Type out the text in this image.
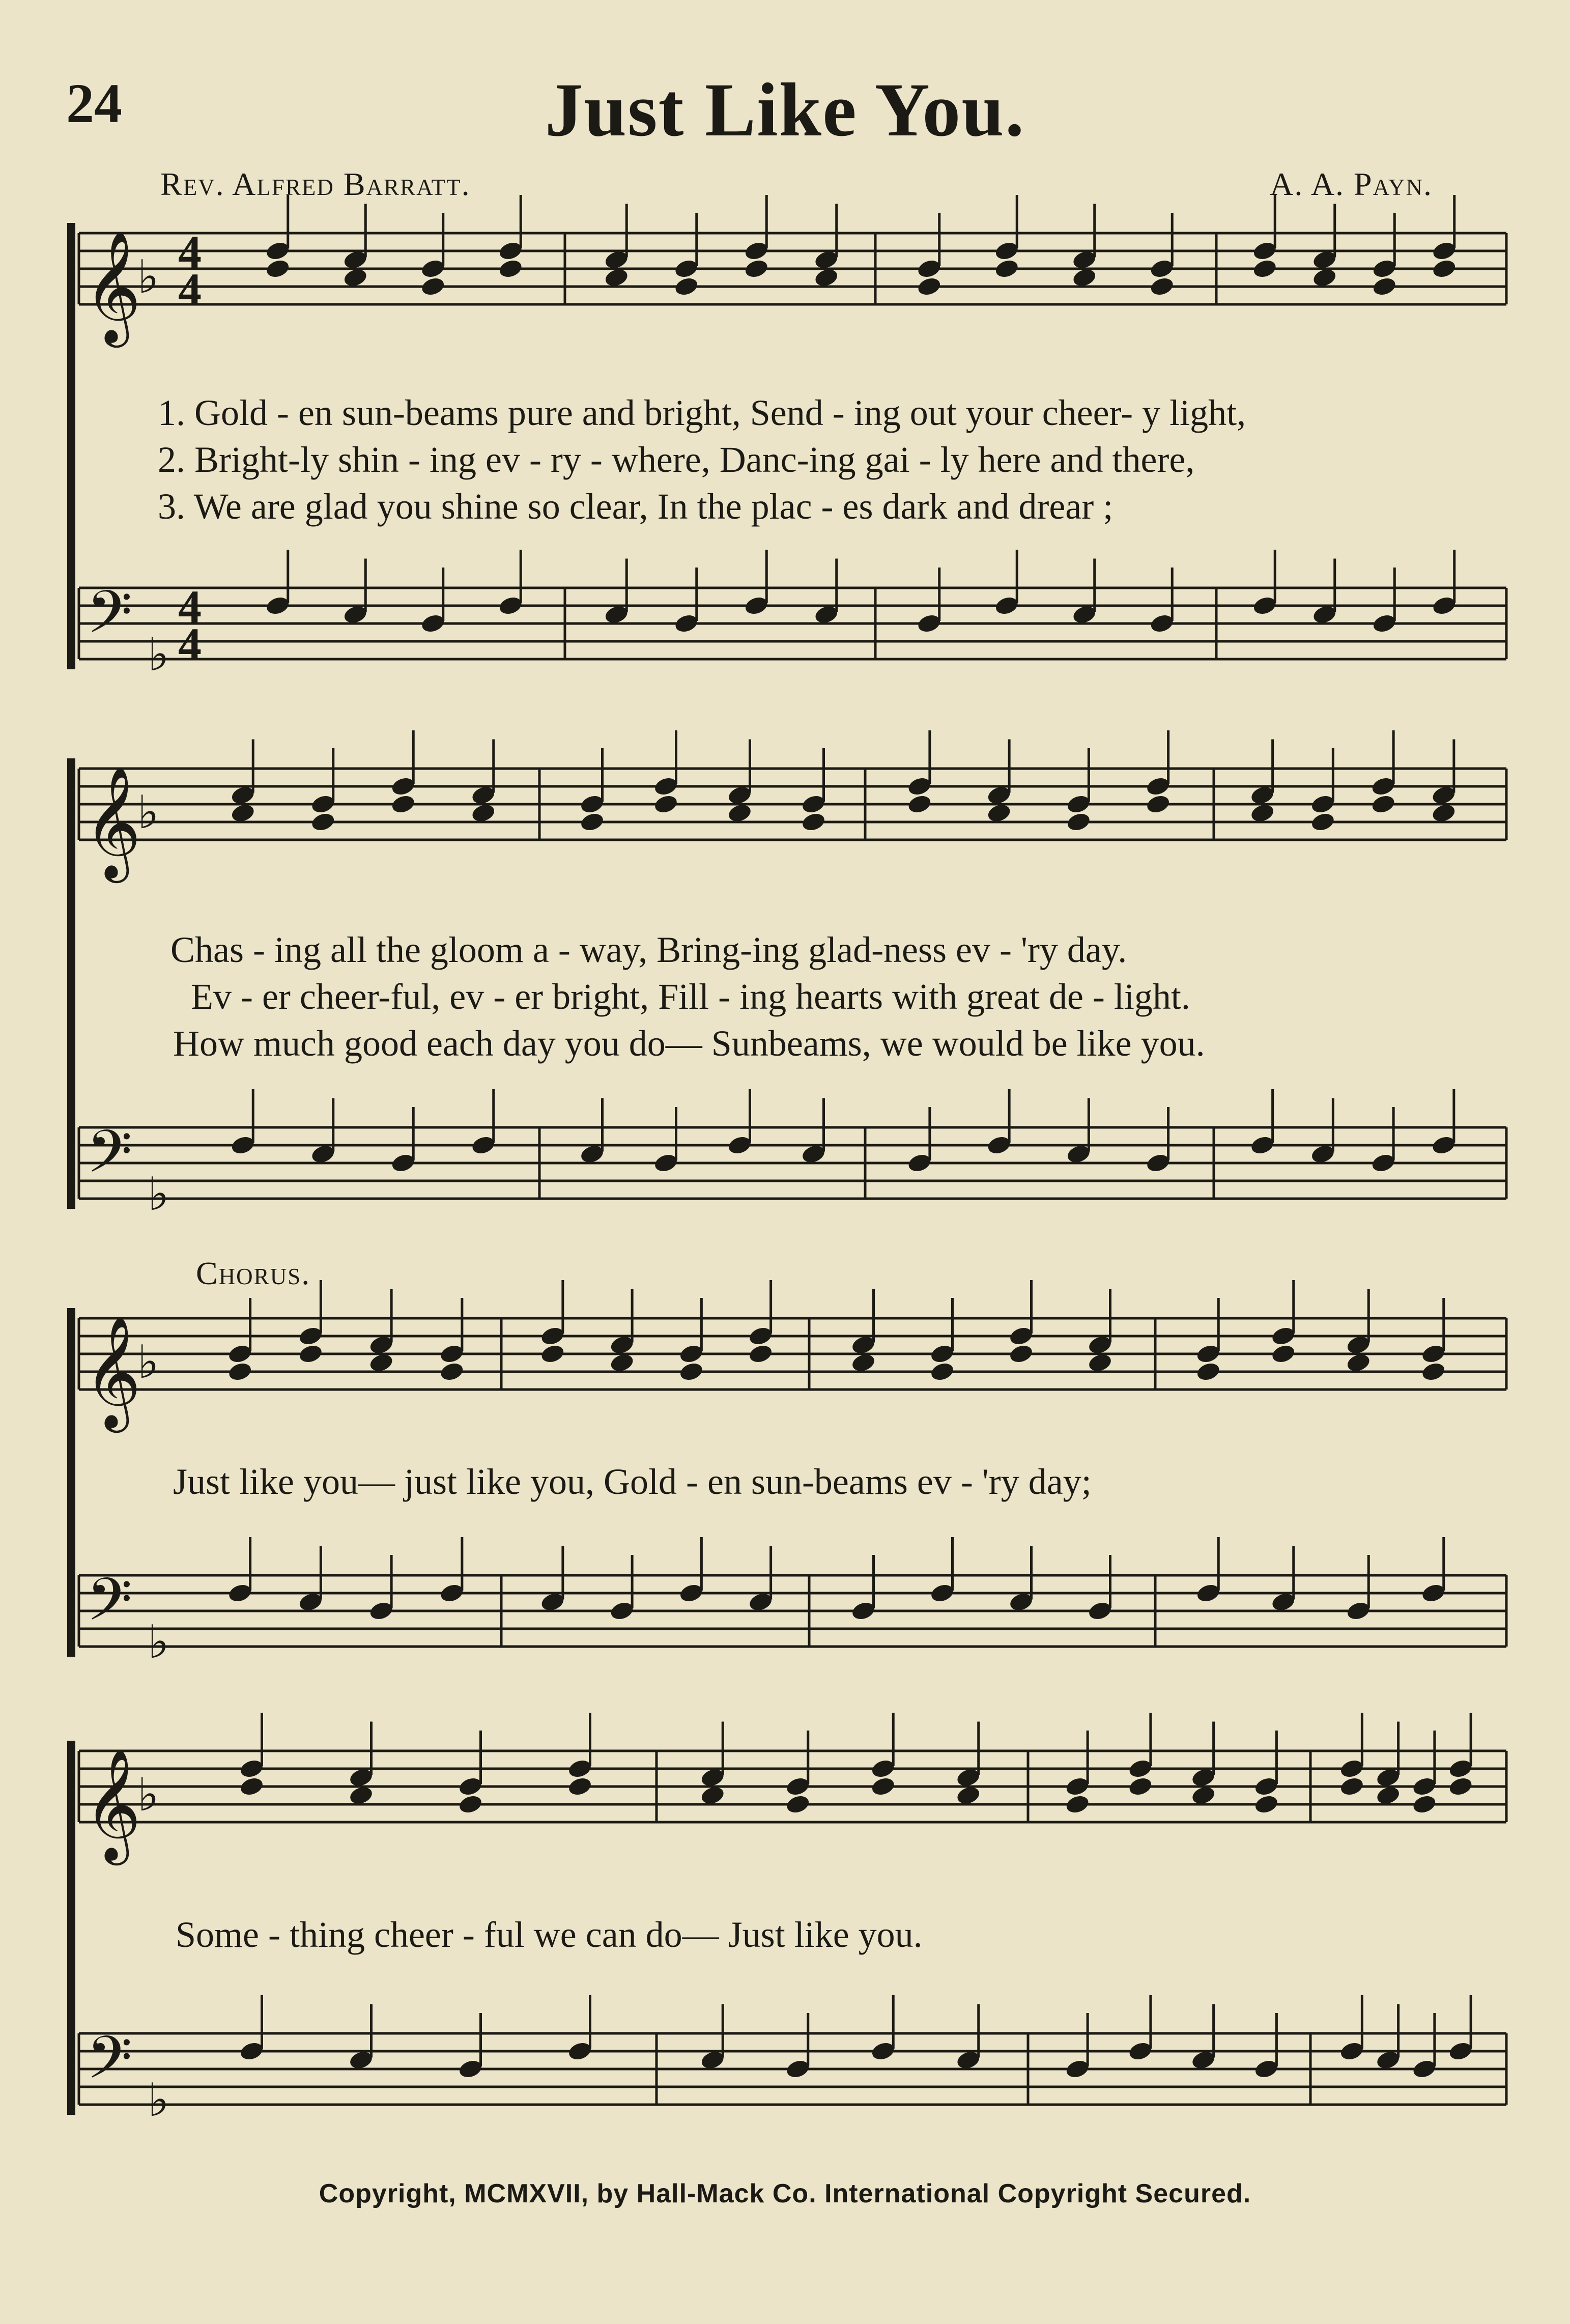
24	Just Like You.
Rev. Alfred Barratt.	A. A. Payn.
𝄞
♭ 4
4
𝄢 ♭
4
4
𝄞
♭
𝄢 ♭
𝄞
♭
𝄢 ♭
𝄞
♭
𝄢 ♭
1. Gold - en sun-beams pure and bright, Send - ing out your cheer- y light,
2. Bright-ly shin - ing ev - ry - where, Danc-ing gai - ly here and there,
3. We are glad you shine so clear, In the plac - es dark and drear ;
Chas - ing all the gloom a - way, Bring-ing glad-ness ev - 'ry day.
Ev - er cheer-ful, ev - er bright, Fill - ing hearts with great de - light.
How much good each day you do— Sunbeams, we would be like you.
Chorus.
Just like you— just like you, Gold - en sun-beams ev - 'ry day;
Some - thing cheer - ful we can do— Just like you.
Copyright, MCMXVII, by Hall-Mack Co. International Copyright Secured.
